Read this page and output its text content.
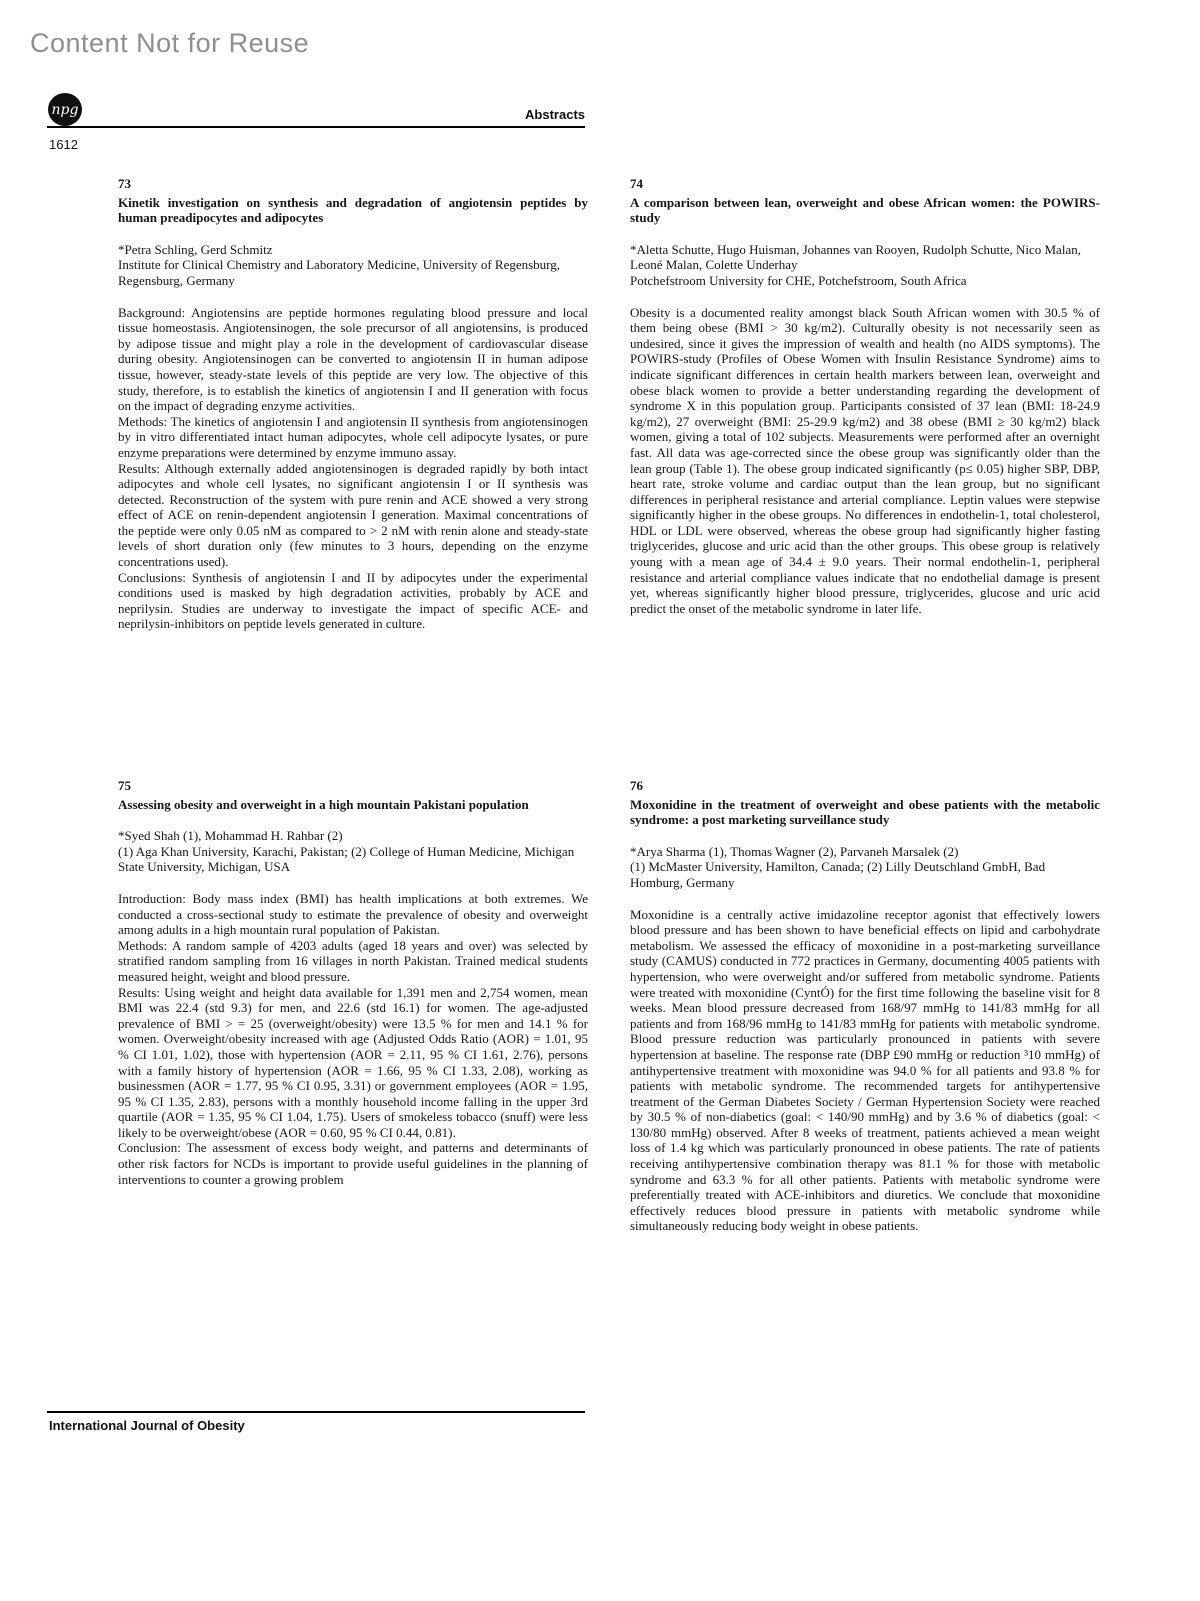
Content Not for Reuse
npg	Abstracts
1612
73
Kinetik investigation on synthesis and degradation of angiotensin peptides by human preadipocytes and adipocytes
*Petra Schling, Gerd Schmitz
Institute for Clinical Chemistry and Laboratory Medicine, University of Regensburg, Regensburg, Germany

Background: Angiotensins are peptide hormones regulating blood pressure and local tissue homeostasis. Angiotensinogen, the sole precursor of all angiotensins, is produced by adipose tissue and might play a role in the development of cardiovascular disease during obesity. Angiotensinogen can be converted to angiotensin II in human adipose tissue, however, steady-state levels of this peptide are very low. The objective of this study, therefore, is to establish the kinetics of angiotensin I and II generation with focus on the impact of degrading enzyme activities.

Methods: The kinetics of angiotensin I and angiotensin II synthesis from angiotensinogen by in vitro differentiated intact human adipocytes, whole cell adipocyte lysates, or pure enzyme preparations were determined by enzyme immuno assay.

Results: Although externally added angiotensinogen is degraded rapidly by both intact adipocytes and whole cell lysates, no significant angiotensin I or II synthesis was detected. Reconstruction of the system with pure renin and ACE showed a very strong effect of ACE on renin-dependent angiotensin I generation. Maximal concentrations of the peptide were only 0.05 nM as compared to > 2 nM with renin alone and steady-state levels of short duration only (few minutes to 3 hours, depending on the enzyme concentrations used).

Conclusions: Synthesis of angiotensin I and II by adipocytes under the experimental conditions used is masked by high degradation activities, probably by ACE and neprilysin. Studies are underway to investigate the impact of specific ACE- and neprilysin-inhibitors on peptide levels generated in culture.

74
A comparison between lean, overweight and obese African women: the POWIRS-study
*Aletta Schutte, Hugo Huisman, Johannes van Rooyen, Rudolph Schutte, Nico Malan, Leoné Malan, Colette Underhay
Potchefstroom University for CHE, Potchefstroom, South Africa

Obesity is a documented reality amongst black South African women with 30.5 % of them being obese (BMI > 30 kg/m2). Culturally obesity is not necessarily seen as undesired, since it gives the impression of wealth and health (no AIDS symptoms). The POWIRS-study (Profiles of Obese Women with Insulin Resistance Syndrome) aims to indicate significant differences in certain health markers between lean, overweight and obese black women to provide a better understanding regarding the development of syndrome X in this population group. Participants consisted of 37 lean (BMI: 18-24.9 kg/m2), 27 overweight (BMI: 25-29.9 kg/m2) and 38 obese (BMI ≥ 30 kg/m2) black women, giving a total of 102 subjects. Measurements were performed after an overnight fast. All data was age-corrected since the obese group was significantly older than the lean group (Table 1). The obese group indicated significantly (p≤ 0.05) higher SBP, DBP, heart rate, stroke volume and cardiac output than the lean group, but no significant differences in peripheral resistance and arterial compliance. Leptin values were stepwise significantly higher in the obese groups. No differences in endothelin-1, total cholesterol, HDL or LDL were observed, whereas the obese group had significantly higher fasting triglycerides, glucose and uric acid than the other groups. This obese group is relatively young with a mean age of 34.4 ± 9.0 years. Their normal endothelin-1, peripheral resistance and arterial compliance values indicate that no endothelial damage is present yet, whereas significantly higher blood pressure, triglycerides, glucose and uric acid predict the onset of the metabolic syndrome in later life.

75
Assessing obesity and overweight in a high mountain Pakistani population
*Syed Shah (1), Mohammad H. Rahbar (2)
(1) Aga Khan University, Karachi, Pakistan; (2) College of Human Medicine, Michigan State University, Michigan, USA

Introduction: Body mass index (BMI) has health implications at both extremes. We conducted a cross-sectional study to estimate the prevalence of obesity and overweight among adults in a high mountain rural population of Pakistan.

Methods: A random sample of 4203 adults (aged 18 years and over) was selected by stratified random sampling from 16 villages in north Pakistan. Trained medical students measured height, weight and blood pressure.

Results: Using weight and height data available for 1,391 men and 2,754 women, mean BMI was 22.4 (std 9.3) for men, and 22.6 (std 16.1) for women. The age-adjusted prevalence of BMI > = 25 (overweight/obesity) were 13.5 % for men and 14.1 % for women. Overweight/obesity increased with age (Adjusted Odds Ratio (AOR) = 1.01, 95 % CI 1.01, 1.02), those with hypertension (AOR = 2.11, 95 % CI 1.61, 2.76), persons with a family history of hypertension (AOR = 1.66, 95 % CI 1.33, 2.08), working as businessmen (AOR = 1.77, 95 % CI 0.95, 3.31) or government employees (AOR = 1.95, 95 % CI 1.35, 2.83), persons with a monthly household income falling in the upper 3rd quartile (AOR = 1.35, 95 % CI 1.04, 1.75). Users of smokeless tobacco (snuff) were less likely to be overweight/obese (AOR = 0.60, 95 % CI 0.44, 0.81).

Conclusion: The assessment of excess body weight, and patterns and determinants of other risk factors for NCDs is important to provide useful guidelines in the planning of interventions to counter a growing problem

76
Moxonidine in the treatment of overweight and obese patients with the metabolic syndrome: a post marketing surveillance study
*Arya Sharma (1), Thomas Wagner (2), Parvaneh Marsalek (2)
(1) McMaster University, Hamilton, Canada; (2) Lilly Deutschland GmbH, Bad Homburg, Germany

Moxonidine is a centrally active imidazoline receptor agonist that effectively lowers blood pressure and has been shown to have beneficial effects on lipid and carbohydrate metabolism. We assessed the efficacy of moxonidine in a post-marketing surveillance study (CAMUS) conducted in 772 practices in Germany, documenting 4005 patients with hypertension, who were overweight and/or suffered from metabolic syndrome. Patients were treated with moxonidine (CyntÓ) for the first time following the baseline visit for 8 weeks. Mean blood pressure decreased from 168/97 mmHg to 141/83 mmHg for all patients and from 168/96 mmHg to 141/83 mmHg for patients with metabolic syndrome. Blood pressure reduction was particularly pronounced in patients with severe hypertension at baseline. The response rate (DBP £90 mmHg or reduction ³10 mmHg) of antihypertensive treatment with moxonidine was 94.0 % for all patients and 93.8 % for patients with metabolic syndrome. The recommended targets for antihypertensive treatment of the German Diabetes Society / German Hypertension Society were reached by 30.5 % of non-diabetics (goal: < 140/90 mmHg) and by 3.6 % of diabetics (goal: < 130/80 mmHg) observed. After 8 weeks of treatment, patients achieved a mean weight loss of 1.4 kg which was particularly pronounced in obese patients. The rate of patients receiving antihypertensive combination therapy was 81.1 % for those with metabolic syndrome and 63.3 % for all other patients. Patients with metabolic syndrome were preferentially treated with ACE-inhibitors and diuretics. We conclude that moxonidine effectively reduces blood pressure in patients with metabolic syndrome while simultaneously reducing body weight in obese patients.

International Journal of Obesity
